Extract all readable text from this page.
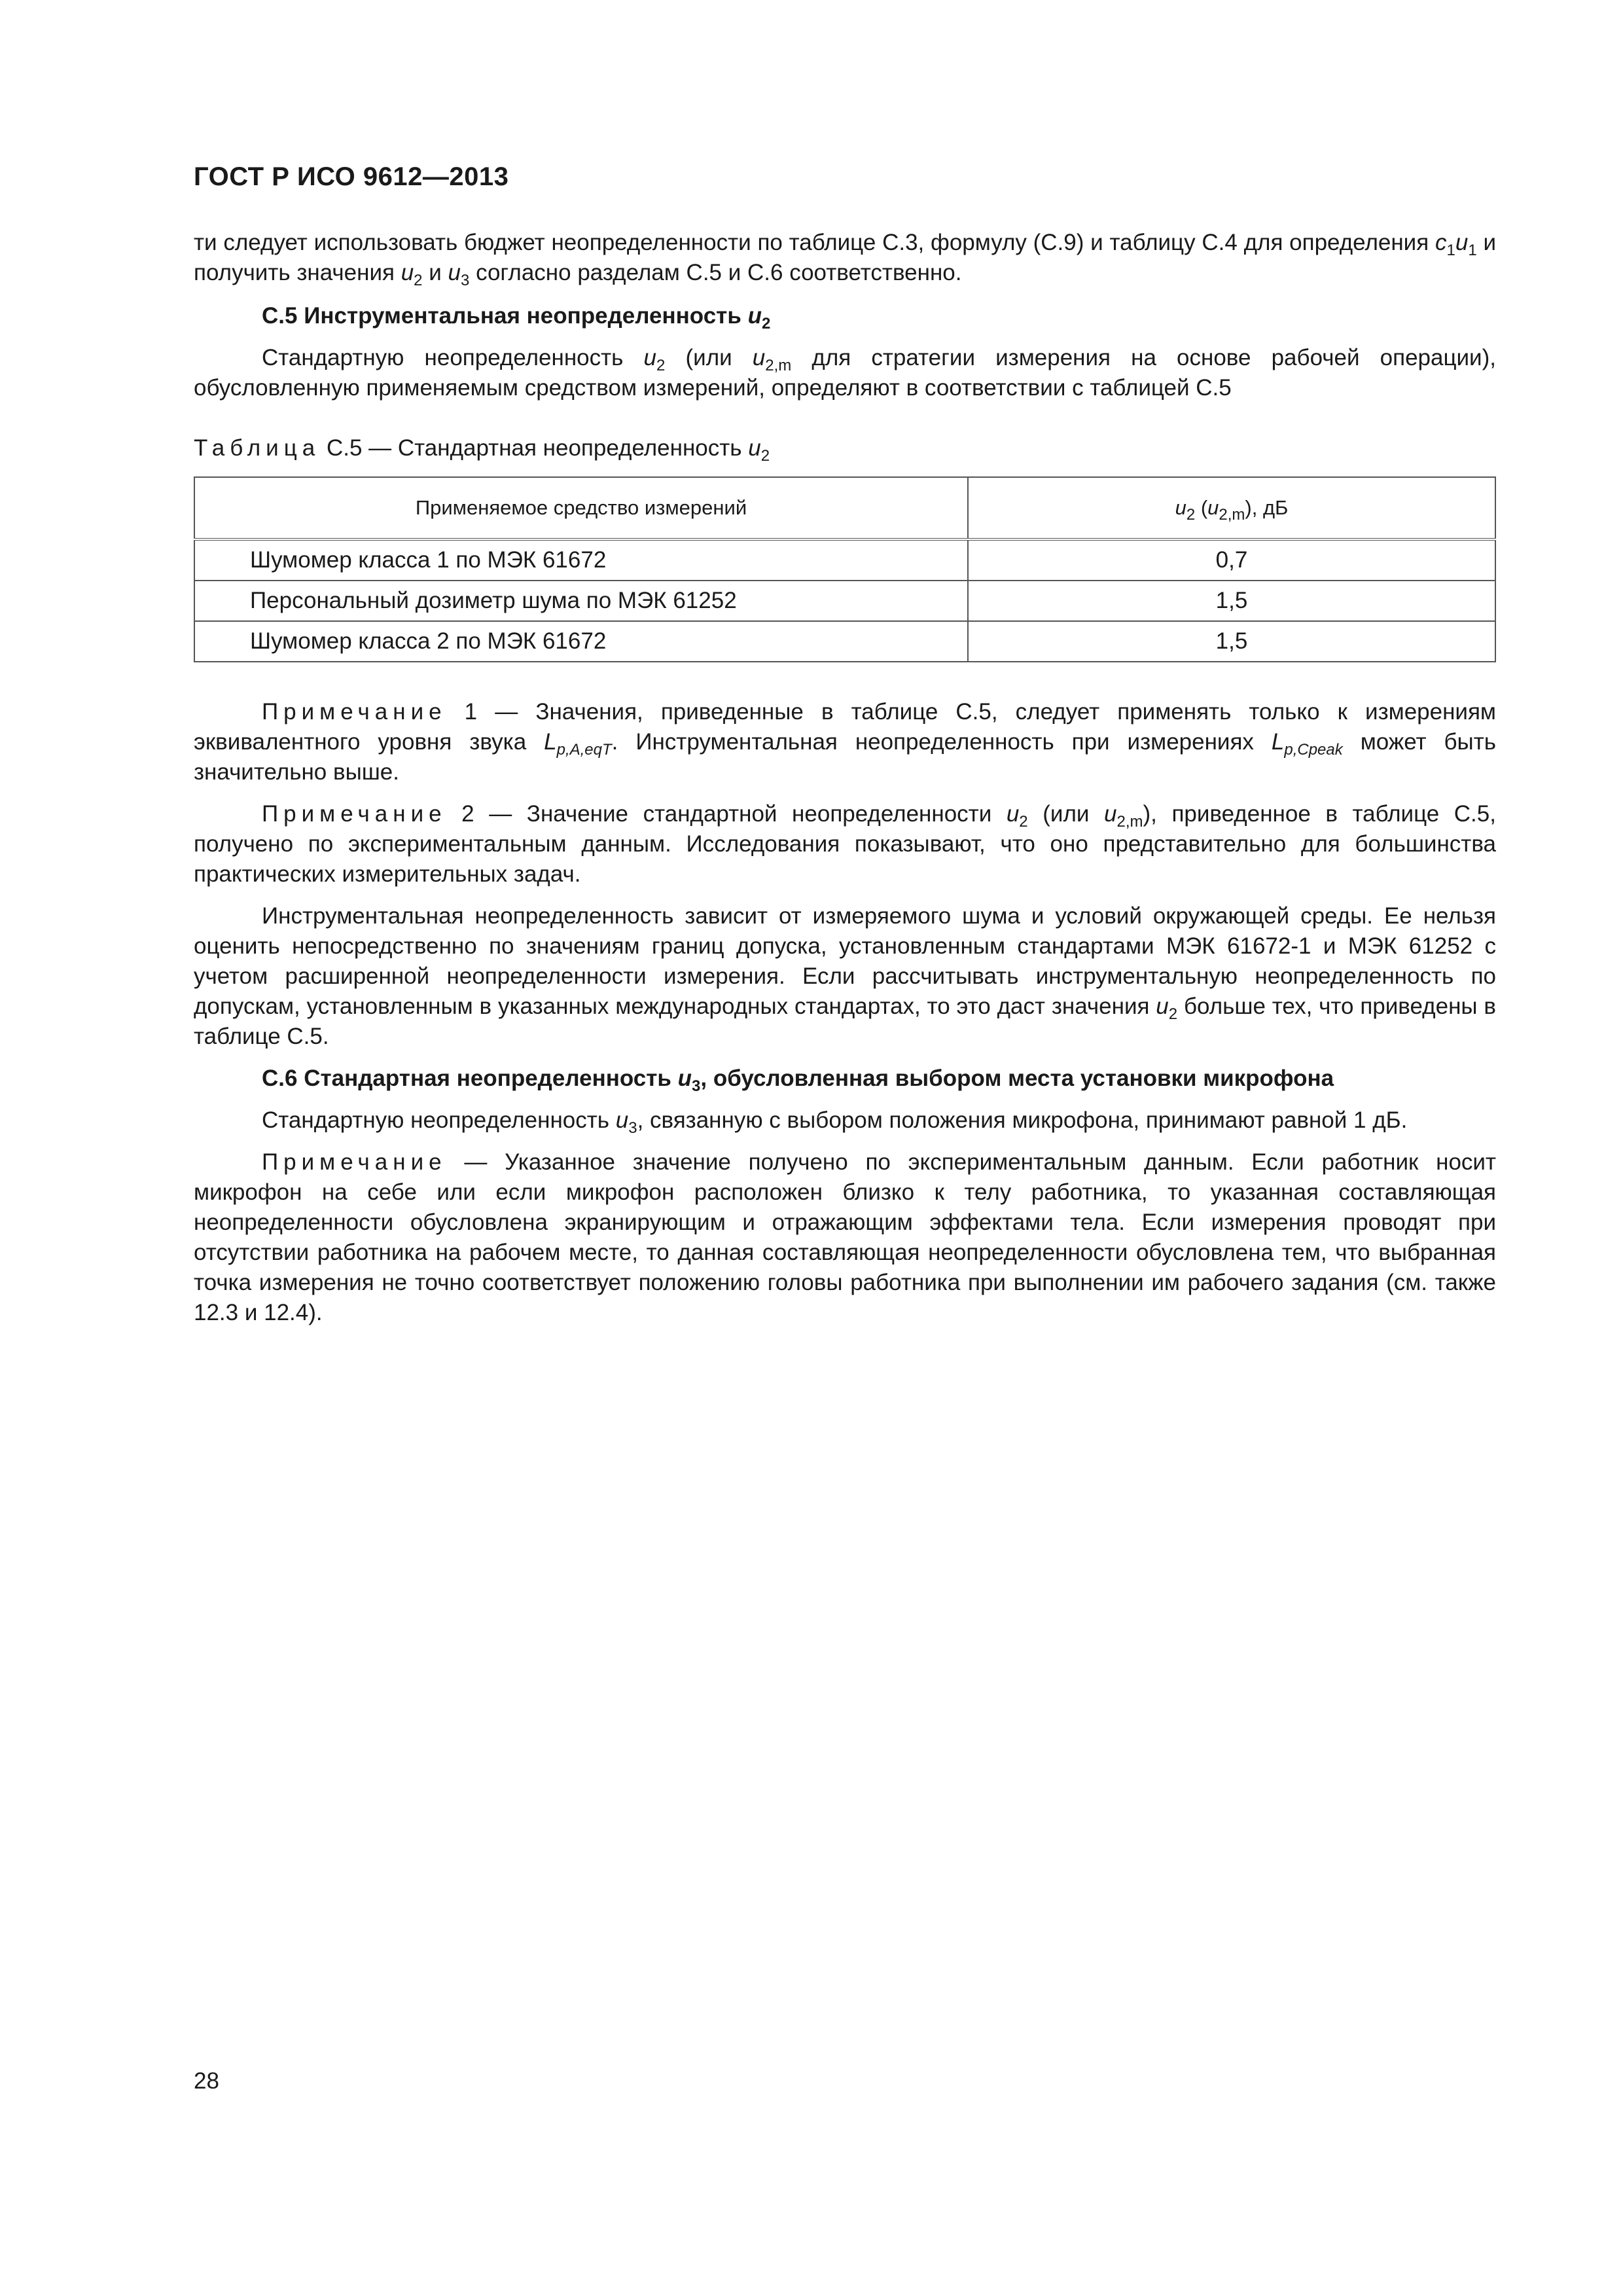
ГОСТ Р ИСО 9612—2013

ти следует использовать бюджет неопределенности по таблице С.3, формулу (С.9) и таблицу С.4 для определения $c_1u_1$ и получить значения $u_2$ и $u_3$ согласно разделам С.5 и С.6 соответственно.

С.5 Инструментальная неопределенность $u_2$

Стандартную неопределенность $u_2$ (или $u_{2,m}$ для стратегии измерения на основе рабочей операции), обусловленную применяемым средством измерений, определяют в соответствии с таблицей С.5

Таблица С.5 — Стандартная неопределенность $u_2$
Применяемое средство измерений	$u_2$ $(u_{2,m})$, дБ
Шумомер класса 1 по МЭК 61672	0,7
Персональный дозиметр шума по МЭК 61252	1,5
Шумомер класса 2 по МЭК 61672	1,5

Примечание 1 — Значения, приведенные в таблице С.5, следует применять только к измерениям эквивалентного уровня звука $L_{p,A,eqT}$. Инструментальная неопределенность при измерениях $L_{p,Cpeak}$ может быть значительно выше.

Примечание 2 — Значение стандартной неопределенности $u_2$ (или $u_{2,m}$), приведенное в таблице С.5, получено по экспериментальным данным. Исследования показывают, что оно представительно для большинства практических измерительных задач.

Инструментальная неопределенность зависит от измеряемого шума и условий окружающей среды. Ее нельзя оценить непосредственно по значениям границ допуска, установленным стандартами МЭК 61672-1 и МЭК 61252 с учетом расширенной неопределенности измерения. Если рассчитывать инструментальную неопределенность по допускам, установленным в указанных международных стандартах, то это даст значения $u_2$ больше тех, что приведены в таблице С.5.

С.6 Стандартная неопределенность $u_3$, обусловленная выбором места установки микрофона

Стандартную неопределенность $u_3$, связанную с выбором положения микрофона, принимают равной 1 дБ.

Примечание — Указанное значение получено по экспериментальным данным. Если работник носит микрофон на себе или если микрофон расположен близко к телу работника, то указанная составляющая неопределенности обусловлена экранирующим и отражающим эффектами тела. Если измерения проводят при отсутствии работника на рабочем месте, то данная составляющая неопределенности обусловлена тем, что выбранная точка измерения не точно соответствует положению головы работника при выполнении им рабочего задания (см. также 12.3 и 12.4).

28
